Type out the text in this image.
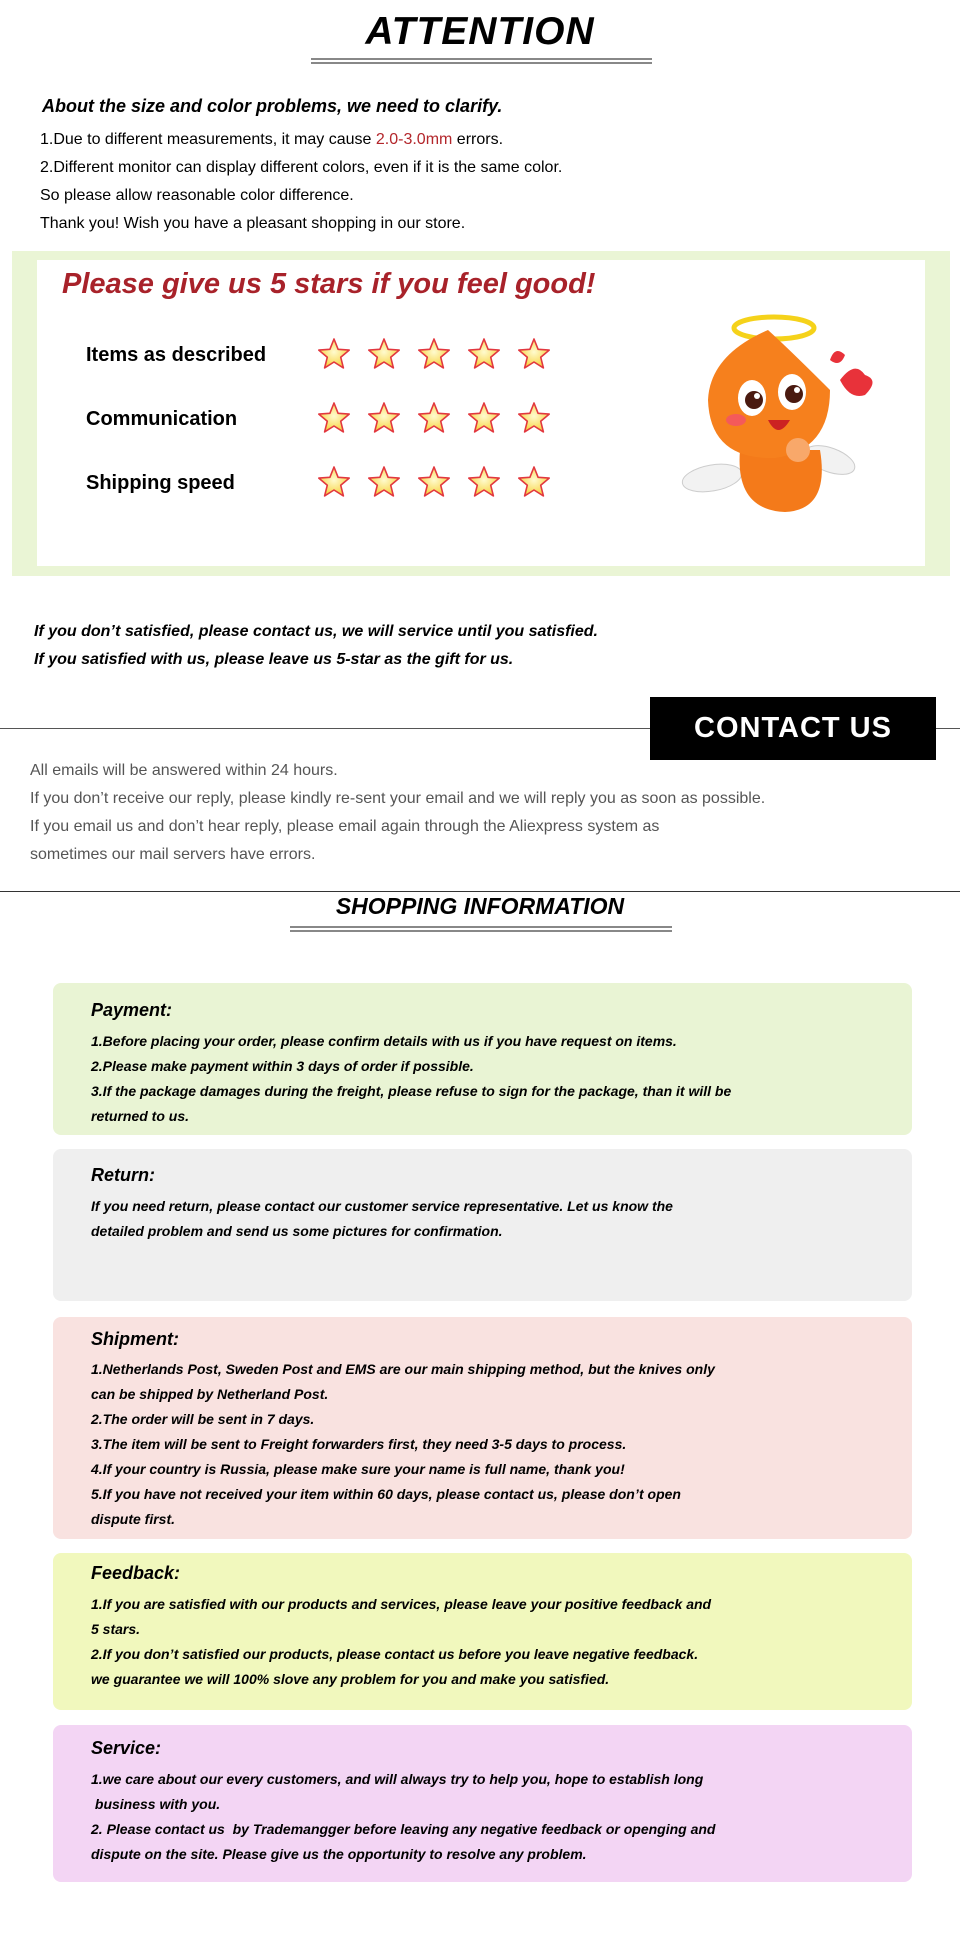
ATTENTION
About the size and color problems, we need to clarify.
1.Due to different measurements, it may cause 2.0-3.0mm errors.
2.Different monitor can display different colors, even if it is the same color.
So please allow reasonable color difference.
Thank you! Wish you have a pleasant shopping in our store.
Please give us 5 stars if you feel good!
Items as described
Communication
Shipping speed
If you don’t satisfied, please contact us, we will service until you satisfied.
If you satisfied with us, please leave us 5-star as the gift for us.
CONTACT US
All emails will be answered within 24 hours.
If you don’t receive our reply, please kindly re-sent your email and we will reply you as soon as possible.
If you email us and don’t hear reply, please email again through the Aliexpress system as
sometimes our mail servers have errors.
SHOPPING INFORMATION
Payment:
1.Before placing your order, please confirm details with us if you have request on items.
2.Please make payment within 3 days of order if possible.
3.If the package damages during the freight, please refuse to sign for the package, than it will be
returned to us.
Return:
If you need return, please contact our customer service representative. Let us know the
detailed problem and send us some pictures for confirmation.
Shipment:
1.Netherlands Post, Sweden Post and EMS are our main shipping method, but the knives only
can be shipped by Netherland Post.
2.The order will be sent in 7 days.
3.The item will be sent to Freight forwarders first, they need 3-5 days to process.
4.If your country is Russia, please make sure your name is full name, thank you!
5.If you have not received your item within 60 days, please contact us, please don’t open
dispute first.
Feedback:
1.If you are satisfied with our products and services, please leave your positive feedback and
5 stars.
2.If you don’t satisfied our products, please contact us before you leave negative feedback.
we guarantee we will 100% slove any problem for you and make you satisfied.
Service:
1.we care about our every customers, and will always try to help you, hope to establish long
business with you.
2. Please contact us  by Trademangger before leaving any negative feedback or openging and
dispute on the site. Please give us the opportunity to resolve any problem.
